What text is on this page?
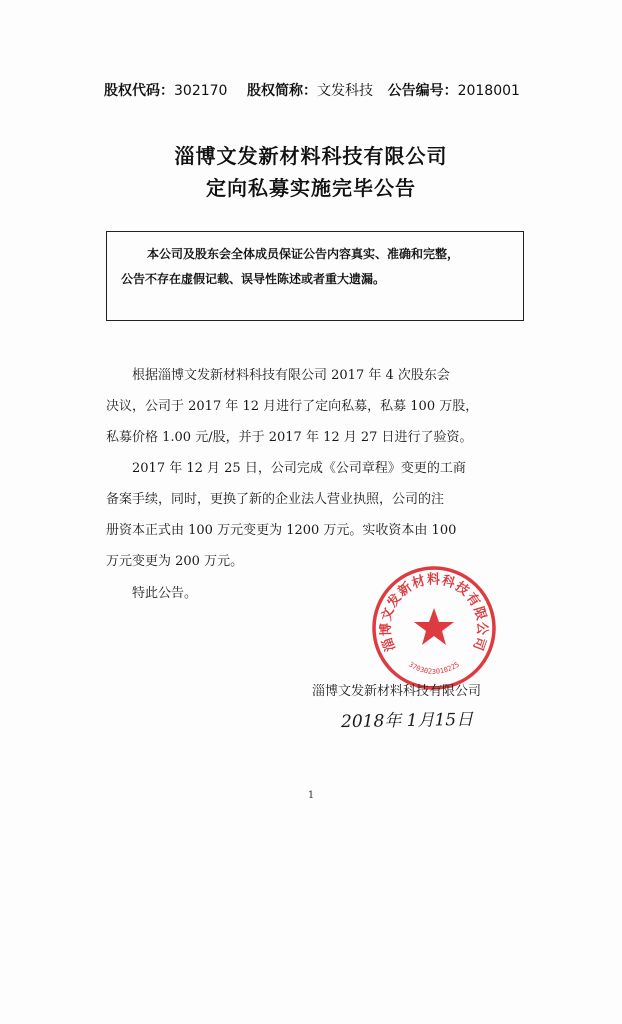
股权代码：302170 股权简称：文发科技 公告编号：2018001
淄博文发新材料科技有限公司
定向私募实施完毕公告
本公司及股东会全体成员保证公告内容真实、准确和完整，
公告不存在虚假记载、误导性陈述或者重大遗漏。
根据淄博文发新材料科技有限公司 2017 年 4 次股东会
决议，公司于 2017 年 12 月进行了定向私募，私募 100 万股，
私募价格 1.00 元/股，并于 2017 年 12 月 27 日进行了验资。
2017 年 12 月 25 日，公司完成《公司章程》变更的工商
备案手续，同时，更换了新的企业法人营业执照，公司的注
册资本正式由 100 万元变更为 1200 万元。实收资本由 100
万元变更为 200 万元。
特此公告。
淄博文发新材料科技有限公司
3703023010225
淄博文发新材料科技有限公司
2018年 1月15日
1
